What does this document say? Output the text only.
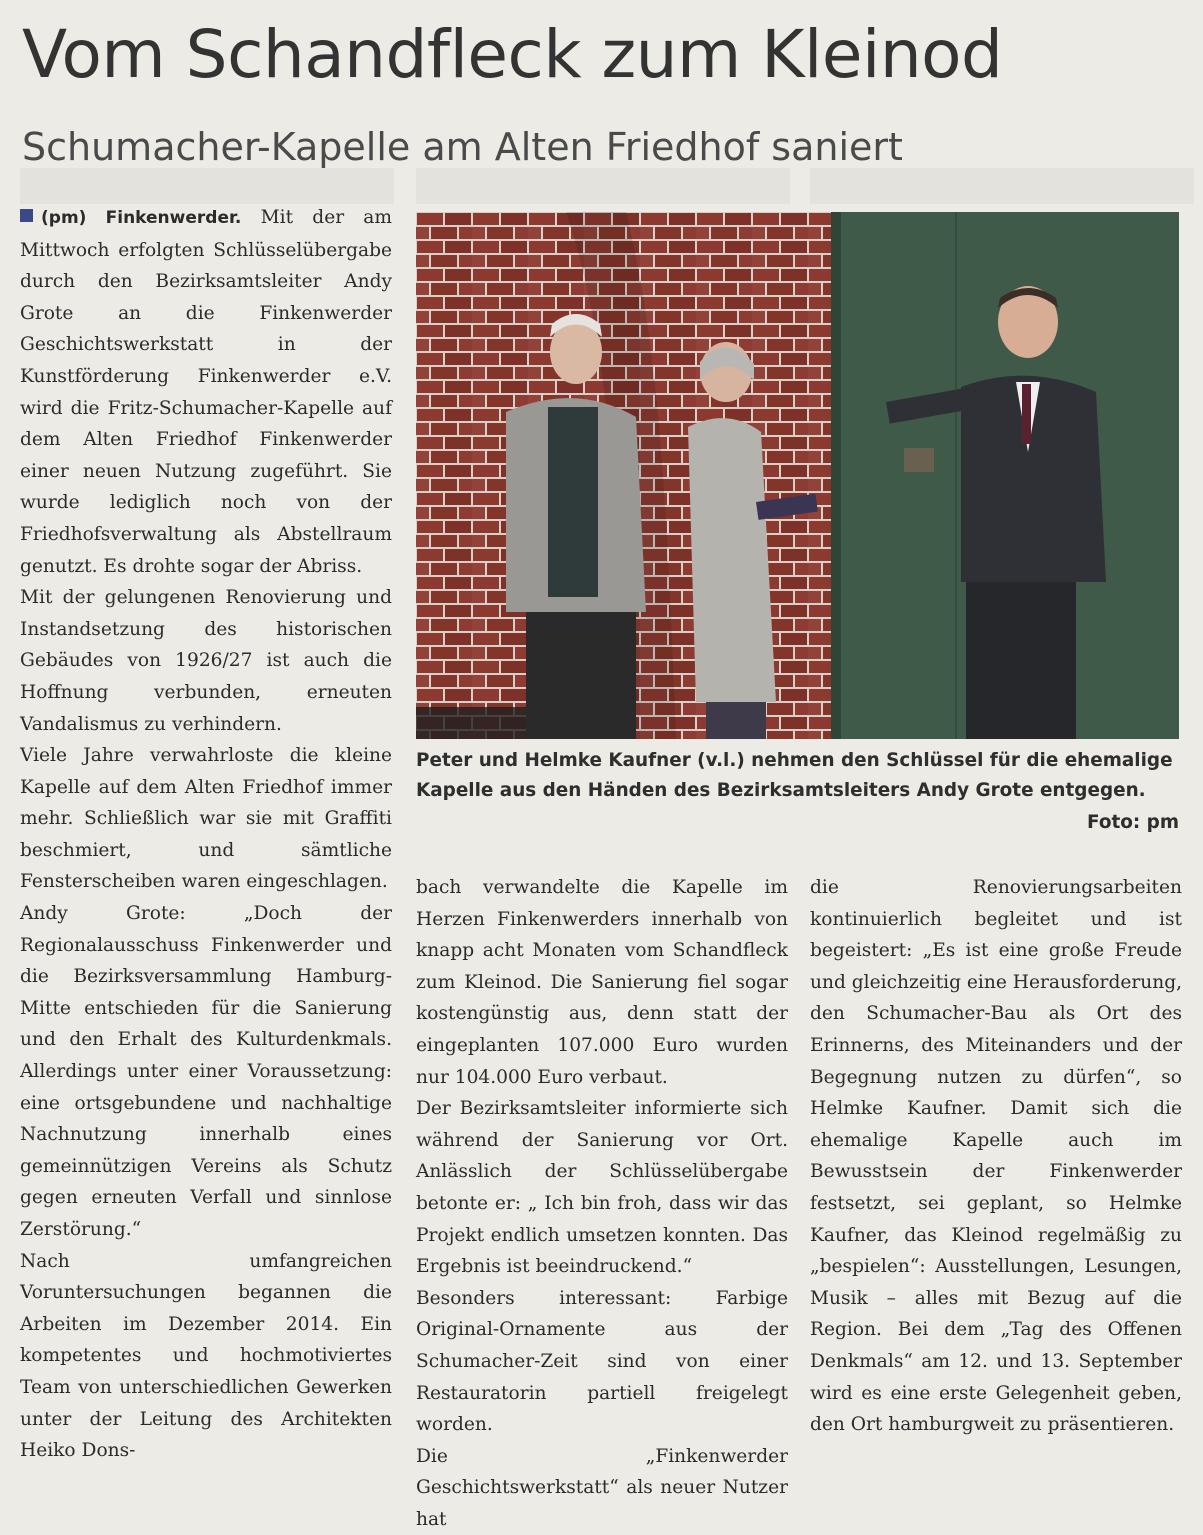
Vom Schandfleck zum Kleinod
Schumacher-Kapelle am Alten Friedhof saniert

(pm) Finkenwerder. Mit der am Mittwoch erfolgten Schlüsselübergabe durch den Bezirksamtsleiter Andy Grote an die Finkenwerder Geschichtswerkstatt in der Kunstförderung Finkenwerder e.V. wird die Fritz-Schumacher-Kapelle auf dem Alten Friedhof Finkenwerder einer neuen Nutzung zugeführt. Sie wurde lediglich noch von der Friedhofsverwaltung als Abstellraum genutzt. Es drohte sogar der Abriss.

Mit der gelungenen Renovierung und Instandsetzung des historischen Gebäudes von 1926/27 ist auch die Hoffnung verbunden, erneuten Vandalismus zu verhindern.

Viele Jahre verwahrloste die kleine Kapelle auf dem Alten Friedhof immer mehr. Schließlich war sie mit Graffiti beschmiert, und sämtliche Fensterscheiben waren eingeschlagen.

Andy Grote: „Doch der Regionalausschuss Finkenwerder und die Bezirksversammlung Hamburg-Mitte entschieden für die Sanierung und den Erhalt des Kulturdenkmals. Allerdings unter einer Voraussetzung: eine ortsgebundene und nachhaltige Nachnutzung innerhalb eines gemeinnützigen Vereins als Schutz gegen erneuten Verfall und sinnlose Zerstörung.“

Nach umfangreichen Voruntersuchungen begannen die Arbeiten im Dezember 2014. Ein kompetentes und hochmotiviertes Team von unterschiedlichen Gewerken unter der Leitung des Architekten Heiko Dons-

Peter und Helmke Kaufner (v.l.) nehmen den Schlüssel für die ehemalige

Kapelle aus den Händen des Bezirksamtsleiters Andy Grote entgegen.

Foto: pm

bach verwandelte die Kapelle im Herzen Finkenwerders innerhalb von knapp acht Monaten vom Schandfleck zum Kleinod. Die Sanierung fiel sogar kostengünstig aus, denn statt der eingeplanten 107.000 Euro wurden nur 104.000 Euro verbaut.

Der Bezirksamtsleiter informierte sich während der Sanierung vor Ort. Anlässlich der Schlüsselübergabe betonte er: „ Ich bin froh, dass wir das Projekt endlich umsetzen konnten. Das Ergebnis ist beeindruckend.“

Besonders interessant: Farbige Original-Ornamente aus der Schumacher-Zeit sind von einer Restauratorin partiell freigelegt worden.

Die „Finkenwerder Geschichtswerkstatt“ als neuer Nutzer hat

die Renovierungsarbeiten kontinuierlich begleitet und ist begeistert: „Es ist eine große Freude und gleichzeitig eine Herausforderung, den Schumacher-Bau als Ort des Erinnerns, des Miteinanders und der Begegnung nutzen zu dürfen“, so Helmke Kaufner. Damit sich die ehemalige Kapelle auch im Bewusstsein der Finkenwerder festsetzt, sei geplant, so Helmke Kaufner, das Kleinod regelmäßig zu „bespielen“: Ausstellungen, Lesungen, Musik – alles mit Bezug auf die Region. Bei dem „Tag des Offenen Denkmals“ am 12. und 13. September wird es eine erste Gelegenheit geben, den Ort hamburgweit zu präsentieren.
